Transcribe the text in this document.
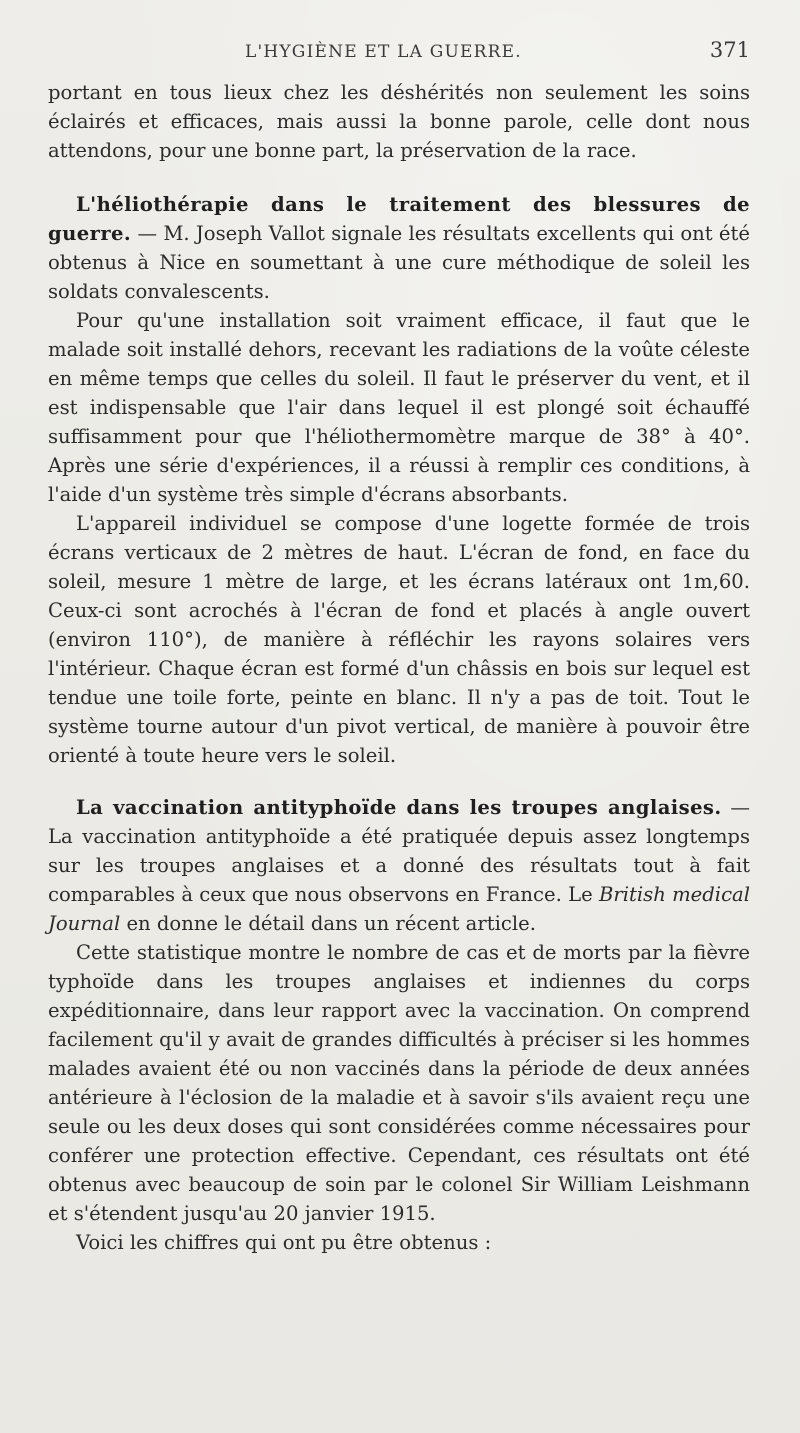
L'HYGIÈNE ET LA GUERRE.	371

portant en tous lieux chez les déshérités non seulement les soins éclairés et efficaces, mais aussi la bonne parole, celle dont nous attendons, pour une bonne part, la préservation de la race.

L'héliothérapie dans le traitement des blessures de guerre. — M. Joseph Vallot signale les résultats excellents qui ont été obtenus à Nice en soumettant à une cure méthodique de soleil les soldats convalescents.

Pour qu'une installation soit vraiment efficace, il faut que le malade soit installé dehors, recevant les radiations de la voûte céleste en même temps que celles du soleil. Il faut le préserver du vent, et il est indispensable que l'air dans lequel il est plongé soit échauffé suffisamment pour que l'héliothermomètre marque de 38° à 40°. Après une série d'expériences, il a réussi à remplir ces conditions, à l'aide d'un système très simple d'écrans absorbants.

L'appareil individuel se compose d'une logette formée de trois écrans verticaux de 2 mètres de haut. L'écran de fond, en face du soleil, mesure 1 mètre de large, et les écrans latéraux ont 1m,60. Ceux-ci sont acrochés à l'écran de fond et placés à angle ouvert (environ 110°), de manière à réfléchir les rayons solaires vers l'intérieur. Chaque écran est formé d'un châssis en bois sur lequel est tendue une toile forte, peinte en blanc. Il n'y a pas de toit. Tout le système tourne autour d'un pivot vertical, de manière à pouvoir être orienté à toute heure vers le soleil.

La vaccination antityphoïde dans les troupes anglaises. — La vaccination antityphoïde a été pratiquée depuis assez longtemps sur les troupes anglaises et a donné des résultats tout à fait comparables à ceux que nous observons en France. Le British medical Journal en donne le détail dans un récent article.

Cette statistique montre le nombre de cas et de morts par la fièvre typhoïde dans les troupes anglaises et indiennes du corps expéditionnaire, dans leur rapport avec la vaccination. On comprend facilement qu'il y avait de grandes difficultés à préciser si les hommes malades avaient été ou non vaccinés dans la période de deux années antérieure à l'éclosion de la maladie et à savoir s'ils avaient reçu une seule ou les deux doses qui sont considérées comme nécessaires pour conférer une protection effective. Cependant, ces résultats ont été obtenus avec beaucoup de soin par le colonel Sir William Leishmann et s'étendent jusqu'au 20 janvier 1915.

Voici les chiffres qui ont pu être obtenus :
